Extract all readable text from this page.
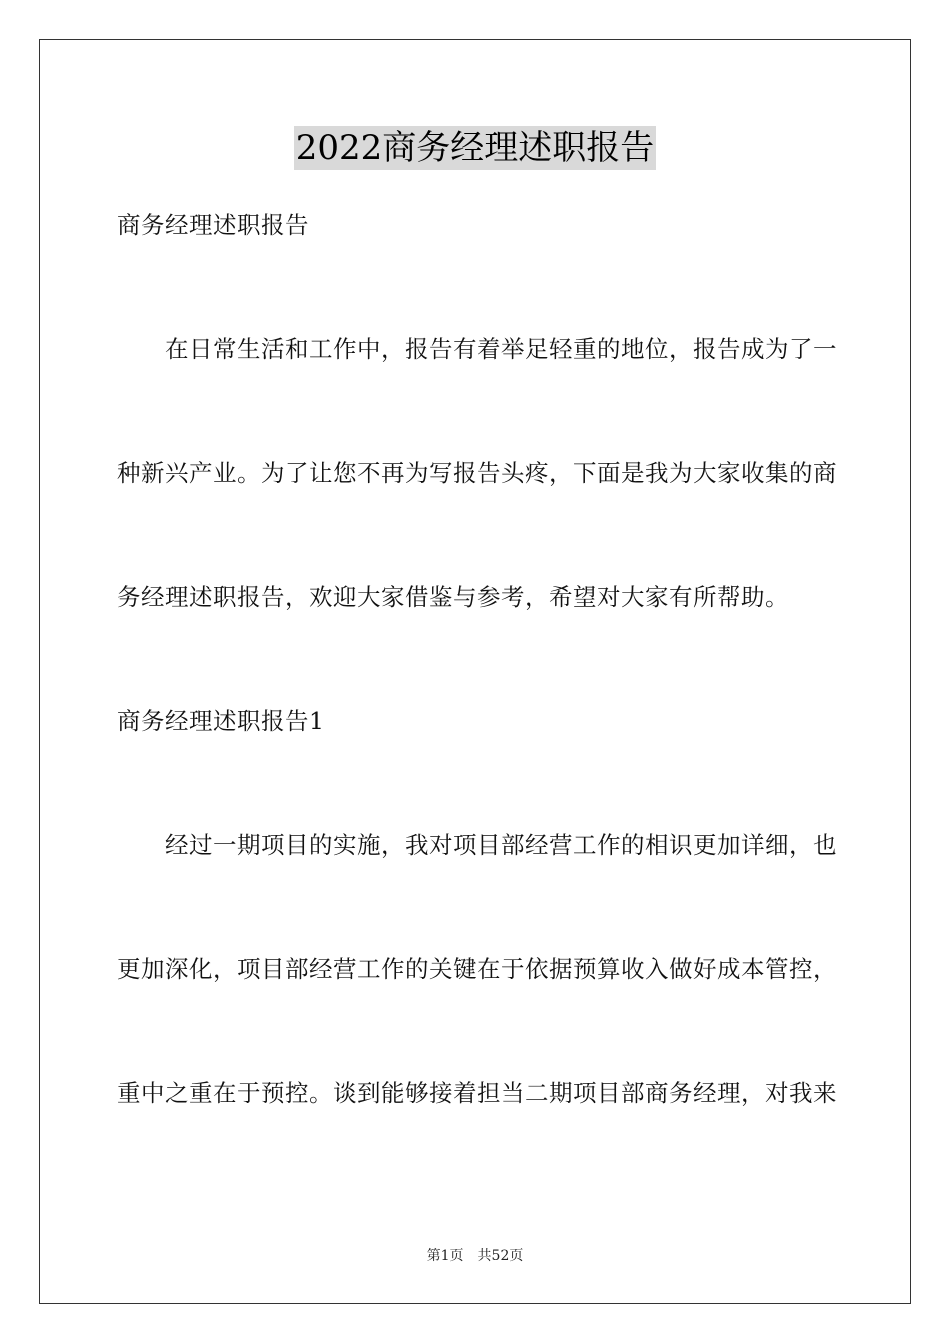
2022商务经理述职报告
商务经理述职报告
在日常生活和工作中，报告有着举足轻重的地位，报告成为了一
种新兴产业。为了让您不再为写报告头疼，下面是我为大家收集的商
务经理述职报告，欢迎大家借鉴与参考，希望对大家有所帮助。
商务经理述职报告1
经过一期项目的实施，我对项目部经营工作的相识更加详细，也
更加深化，项目部经营工作的关键在于依据预算收入做好成本管控，
重中之重在于预控。谈到能够接着担当二期项目部商务经理，对我来
第1页　共52页
